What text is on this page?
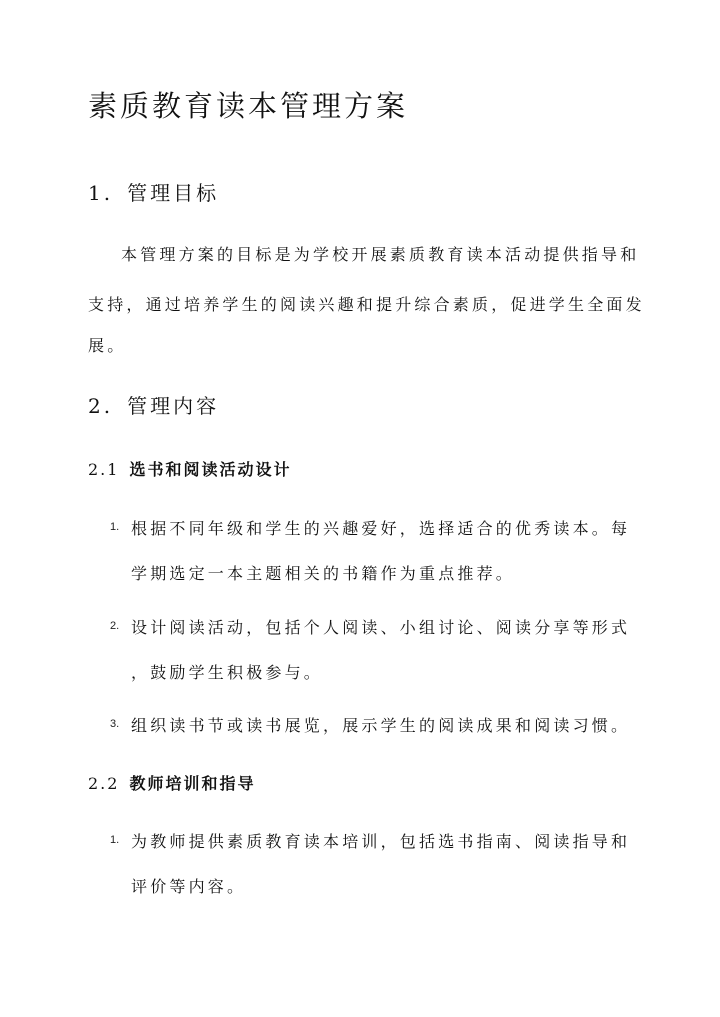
素质教育读本管理方案
1. 管理目标

本管理方案的目标是为学校开展素质教育读本活动提供指导和

支持，通过培养学生的阅读兴趣和提升综合素质，促进学生全面发

展。

2. 管理内容
2.1 选书和阅读活动设计
1. 根据不同年级和学生的兴趣爱好，选择适合的优秀读本。每

学期选定一本主题相关的书籍作为重点推荐。

2. 设计阅读活动，包括个人阅读、小组讨论、阅读分享等形式

，鼓励学生积极参与。

3. 组织读书节或读书展览，展示学生的阅读成果和阅读习惯。

2.2 教师培训和指导
1. 为教师提供素质教育读本培训，包括选书指南、阅读指导和

评价等内容。
